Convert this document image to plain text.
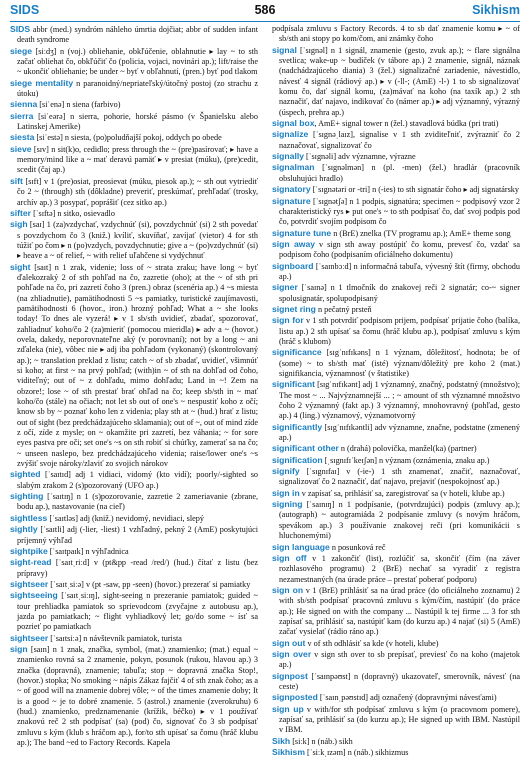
SIDS	586	Sikhism
SIDS abbr (med.) syndróm náhleho úmrtia dojčiat; abbr of sudden infant death syndrome
siege [siːdʒ] n (voj.) obliehanie, obkľúčenie, oblahnutie ▸ lay ~ to sth začať obliehat čo, obkľúčiť čo (policia, vojaci, novinári ap.); lift/raise the ~ ukončiť obliehanie; be under ~ byť v obľahnutí, (pren.) byť pod tlakom
siege mentality n paranoidný/nepriateľský/útočný postoj (zo strachu z útoku)
sienna [siˈenə] n siena (farbivo)
sierra [siˈeərə] n sierra, pohorie, horské pásmo (v Španielsku alebo Latinskej Amerike)
siesta [siˈestə] n siesta, (po)poludňajší pokoj, oddych po obede
sieve [sɪv] n sit(k)o, cedidlo; press through the ~ (pre)pasírovať; ▸ have a memory/mind like a ~ mať deravú pamäť ▸ v presiat (múku), (pre)cedit, scedit (čaj ap.)
sift [sɪft] v 1 (pre)osiat, preosievat (múku, piesok ap.); ~ sth out vytriediť čo 2 ~ (through) sth (dôkladne) preveriť, preskúmať, prehľadať (trosky, archív ap.) 3 posypať, poprášiť (cez sitko ap.)
sifter [ˈsɪftə] n sitko, osievadlo
sigh [saɪ] 1 (za)vzdychať, vzdychnúť (si), povzdychnúť (si) 2 sth povedať s povzdychom čo 3 (kniž.) kvíliť, skuvíňať, zavíjať (vietor) 4 for sth túžiť po čom ▸ n (po)vzdych, povzdychnutie; give a ~ (po)vzdychnúť (si) ▸ heave a ~ of relief, ~ with relief uľahčene si vydýchnuť
sight [saɪt] n 1 zrak, videnie; loss of ~ strata zraku; have long ~ byť ďalekozraký 2 of sth pohľad na čo, zazretie (oho); at the ~ of sth pri pohľade na čo, pri zazretí čoho 3 (pren.) obraz (scenéria ap.) 4 ~s miesta (na zhliadnutie), pamätihodnosti 5 ~s pamiatky, turistické zaujímavosti, pamätihodnosti 6 (hovor., iron.) hrozný pohľad; What a ~ she looks today! To dnes ale vyzerá! ▸ v 1 sb/sth uvidieť, zbadať, spozorovať, zahliadnuť koho/čo 2 (za)mieriť (pomocou mieridla) ▸ adv a ~ (hovor.) ovela, dakedy, neporovnateľne aký (v porovnaní); not by a long ~ ani zďaleka (nie), vôbec nie ▸ adj iba pohľadom (vykonaný) (skontrolovaný ap.); ~ translation preklad z listu; catch ~ of sb zbadať, uvidieť, všimnúť si koho; at first ~ na prvý pohľad; (with)in ~ of sth na dohľad od čoho, viditeľný; out of ~ z dohľadu, mimo dohľadu; Land in ~! Zem na obzore!; lose ~ of sth prestať brať ohľad na čo; keep sb/sth in ~ mať koho/čo (stále) na očiach; not let sb out of one's ~ nespustiť koho z očí; know sb by ~ poznať koho len z videnia; play sth at ~ (hud.) hrať z listu; out of sight (bez predchádzajúceho sklamania); out of ~, out of mind zíde z očí, zíde z mysle; on ~ okamžite pri zazretí, bez váhania; ~ for sore eyes pastva pre oči; set one's ~s on sth robiť si chúťky, zamerať sa na čo; ~ unseen naslepo, bez predchádzajúceho videnia; raise/lower one's ~s zvýšiť svoje nároky/zlaviť zo svojich nárokov
sighted [ˈsaɪtɪd] adj 1 vidiaci, vidomý (kto vidí); poorly/-sighted so slabým zrakom 2 (s)pozorovaný (UFO ap.)
sighting [ˈsaɪtɪŋ] n 1 (s)pozorovanie, zazretie 2 zameriavanie (zbrane, bodu ap.), nastavovanie (na cieľ)
sightless [ˈsaɪtləs] adj (kniž.) nevidomý, nevidiaci, slepý
sightly [ˈsaɪtli] adj (-lier, -liest) 1 vzhľadný, pekný 2 (AmE) poskytujúci príjemný výhľad
sightpike [ˈsaɪtpaɪk] n výhľadnica
sight-read [ˈsaɪtˌriːd] v (pt&pp -read /red/) (hud.) čítať z listu (bez prípravy)
sightseer [ˈsaɪtˌsiːə] v (pt -saw, pp -seen) (hovor.) prezerať si pamiatky
sightseeing [ˈsaɪtˌsiːɪŋ], sight-seeing n prezeranie pamiatok; guided ~ tour prehliadka pamiatok so sprievodcom (zvyčajne z autobusu ap.), jazda po pamiatkach; ~ flight vyhliadkový let; go/do some ~ ísť sa pozrieť po pamiatkach
sightseer [ˈsaɪtsiːə] n návštevník pamiatok, turista
sign [saɪn] n 1 znak, značka, symbol, (mat.) znamienko; (mat.) equal ~ znamienko rovná sa 2 znamenie, pokyn, posunok (rukou, hlavou ap.) 3 značka (dopravná), znamenie; tabuľa; stop ~ dopravná značka Stop!, (hovor.) stopka; No smoking ~ nápis Zákaz fajčiť 4 of sth znak čoho; as a ~ of good will na znamenie dobrej vôle; ~ of the times znamenie doby; It is a good ~ je to dobré znamenie. 5 (astrol.) znamenie (zverokruhu) 6 (hud.) znamienko, predznamenanie (krížik, béčko) ▸ v 1 používať znakovú reč 2 sth podpísať (sa) (pod) čo, signovať čo 3 sb podpísať zmluvu s kým (klub s hráčom ap.), for/to sth upísať sa čomu (hráč klubu ap.); The band ~ed to Factory Records. Kapela
podpísala zmluvu s Factory Records. 4 to sb dať znamenie komu ▸ ~ of sb/sth ani stopy po kom/čom, ani známky čoho
signal [ˈsɪgnəl] n 1 signál, znamenie (gesto, zvuk ap.); ~ flare signálna svetlica; wake-up ~ budíček (v tábore ap.) 2 znamenie, signál, náznak (nadchádzajúceho diania) 3 (žel.) signalizačné zariadenie, návestidlo, návesť 4 signál (rádiový ap.) ▸ v (-ll-; (AmE) -l-) 1 to sb signalizovať komu čo, dať signál komu, (za)mávať na koho (na taxík ap.) 2 sth naznačiť, dať najavo, indikovať čo (námer ap.) ▸ adj významný, výrazný (úspech, prehra ap.)
signal box, AmE+ signal tower n (žel.) stavadlová búdka (pri trati)
signalize [ˈsɪgnəˌlaɪz], signalise v 1 sth zviditeľniť, zvýrazniť čo 2 naznačovať, signalizovať čo
signally [ˈsɪgnəli] adv významne, výrazne
signalman [ˈsɪgnəlmən] n (pl. -men) (žel.) hradlár (pracovník obsluhujúci hradlo)
signatory [ˈsɪgnətəri or -tri] n (-ies) to sth signatár čoho ▸ adj signatársky
signature [ˈsɪgnətʃə] n 1 podpis, signatúra; specimen ~ podpisový vzor 2 charakteristický rys ▸ put one's ~ to sth podpísať čo, dať svoj podpis pod čo, potvrdiť svojím podpisom čo
signature tune n (BrE) znelka (TV programu ap.); AmE+ theme song
sign away v sign sth away postúpiť čo komu, prevesť čo, vzdať sa podpisom čoho (podpisaním oficiálneho dokumentu)
signboard [ˈsaɪnbɔːd] n informačná tabuľa, vývesný štít (firmy, obchodu ap.)
signer [ˈsaɪnə] n 1 tlmočník do znakovej reči 2 signatár; co-~ signer spolusignatár, spolupodpisaný
signet ring n pečatný prsteň
sign for v 1 sth potvrdiť podpisom prijem, podpísať prijatie čoho (balíka, listu ap.) 2 sth upísať sa čomu (hráč klubu ap.), podpísať zmluvu s kým (hráč s klubom)
significance [sɪgˈnɪfɪkəns] n 1 význam, dôležitosť, hodnota; be of (some) ~ to sb/sth mať (isté) význam/dôležitý pre koho 2 (mat.) signifikancia, významnosť (v štatistike)
significant [sɪgˈnɪfɪkənt] adj 1 významný, značný, podstatný (množstvo); The most ~ ... Najvýznamnejší ... ; ~ amount of sth významné množstvo čoho 2 významný (fakt ap.) 3 významný, mnohovravný (pohľad, gesto ap.) 4 (ling.) významový, významotvorný
significantly [sɪgˈnɪfɪkəntli] adv významne, značne, podstatne (zmenený ap.)
significant other n (drahá) polovička, manžel(ka) (partner)
signification [ˌsɪgnɪfɪˈkeɪʃən] n význam (oznámenia, znaku ap.)
signify [ˈsɪgnɪfaɪ] v (-ie-) 1 sth znamenať, značiť, naznačovať, signalizovať čo 2 naznačiť, dať najavo, prejaviť (nespokojnosť ap.)
sign in v zapísať sa, prihlásiť sa, zaregistrovať sa (v hoteli, klube ap.)
signing [ˈsaɪnɪŋ] n 1 podpísanie, (potvrdzujúci) podpis (zmluvy ap.); (autograph) ~ autogramiáda 2 podpísanie zmluvy (s novým hráčom, spevákom ap.) 3 používanie znakovej reči (pri komunikácii s hluchonemými)
sign language n posunková reč
sign off v 1 zakončiť (list), rozlúčiť sa, skončiť (čím (na záver rozhlasového programu) 2 (BrE) nechať sa vyradiť z registra nezamestnaných (na úrade práce – prestať poberať podporu)
sign on v 1 (BrE) prihlásiť sa na úrad práce (do oficiálneho zoznamu) 2 with sb/sth podpísať pracovnú zmluvu s kým/čím, nastúpiť (do práce ap.); He signed on with the company ... Nastúpil k tej firme ... 3 for sth zapísať sa, prihlásiť sa, nastúpiť kam (do kurzu ap.) 4 najať (si) 5 (AmE) začať vysielať (rádio ráno ap.)
sign out v of sth odhlásiť sa kde (v hoteli, klube)
sign over v sign sth over to sb prepísať, previesť čo na koho (majetok ap.)
signpost [ˈsaɪnpəʊst] n (dopravný) ukazovateľ, smerovník, návesť (na ceste)
signposted [ˈsaɪnˌpəʊstɪd] adj označený (dopravnými návesťami)
sign up v with/for sth podpísať zmluvu s kým (o pracovnom pomere), zapísať sa, prihlásiť sa (do kurzu ap.); He signed up with IBM. Nastúpil v IBM.
Sikh [siːk] n (náb.) sikh
Sikhism [ˈsiːkˌɪzəm] n (náb.) sikhizmus
